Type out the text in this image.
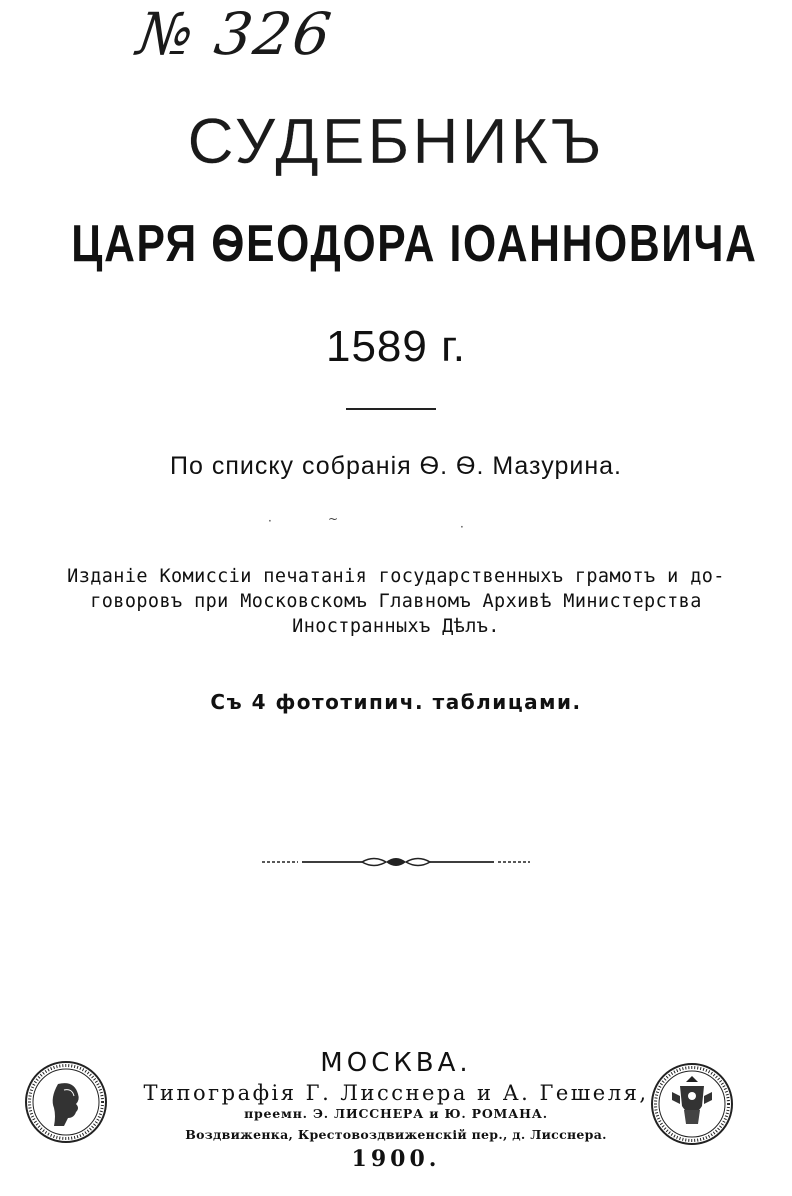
№ 326
СУДЕБНИКЪ
ЦАРЯ ѲЕОДОРА ІОАННОВИЧА
1589 г.
По списку собранія Ѳ. Ѳ. Мазурина.
~
·	·
Изданіе Комиссіи печатанія государственныхъ грамотъ и до-
говоровъ при Московскомъ Главномъ Архивѣ Министерства
Иностранныхъ Дѣлъ.
Съ 4 фототипич. таблицами.
МОСКВА.
Типографія Г. Лисснера и А. Гешеля,
преемн. Э. ЛИССНЕРА и Ю. РОМАНА.
Воздвиженка, Крестовоздвиженскій пер., д. Лисснера.
1900.
